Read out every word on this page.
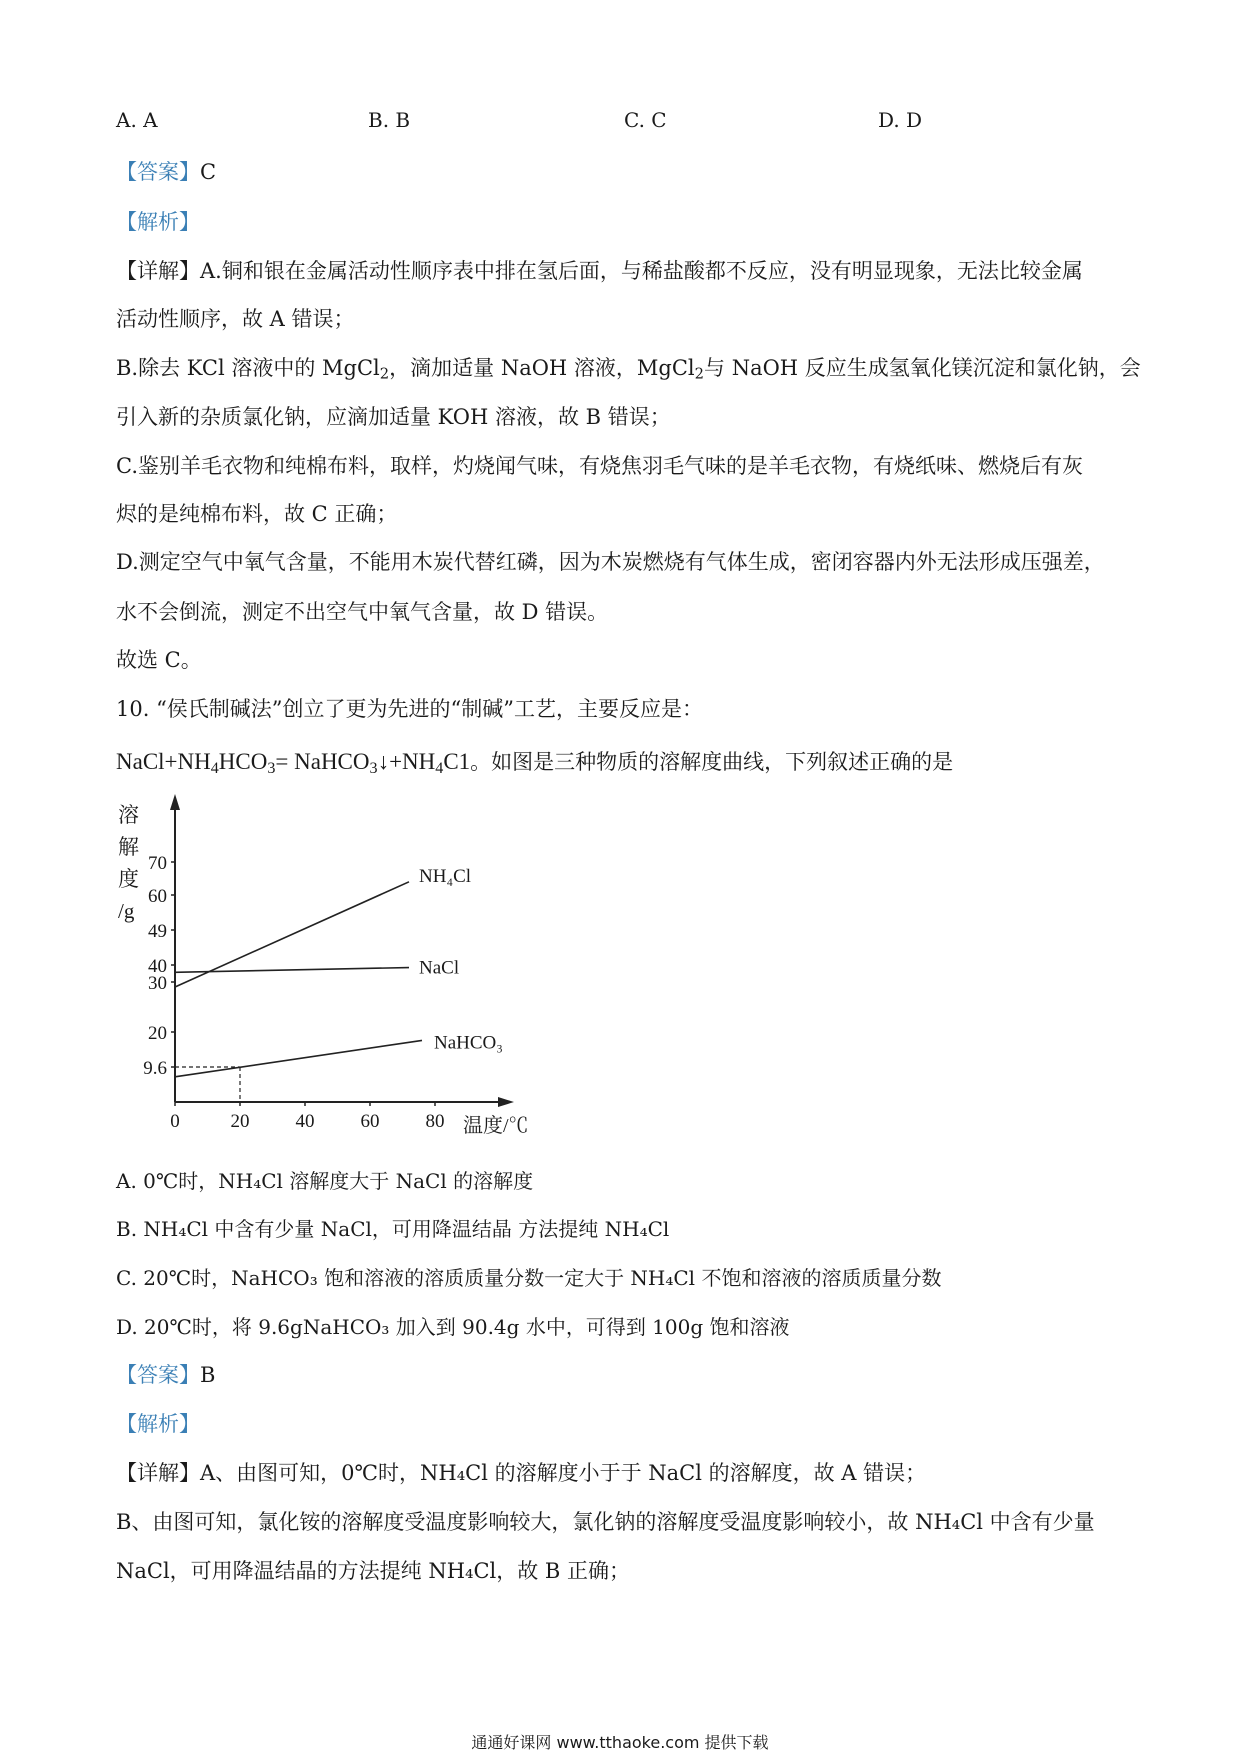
A. A	B. B	C. C	D. D
【答案】C
【解析】
【详解】A.铜和银在金属活动性顺序表中排在氢后面，与稀盐酸都不反应，没有明显现象，无法比较金属
活动性顺序，故 A 错误；
B.除去 KCl 溶液中的 MgCl$_2$，滴加适量 NaOH 溶液，MgCl$_2$与 NaOH 反应生成氢氧化镁沉淀和氯化钠，会
引入新的杂质氯化钠，应滴加适量 KOH 溶液，故 B 错误；
C.鉴别羊毛衣物和纯棉布料，取样，灼烧闻气味，有烧焦羽毛气味的是羊毛衣物，有烧纸味、燃烧后有灰
烬的是纯棉布料，故 C 正确；
D.测定空气中氧气含量，不能用木炭代替红磷，因为木炭燃烧有气体生成，密闭容器内外无法形成压强差，
水不会倒流，测定不出空气中氧气含量，故 D 错误。
故选 C。
10. “侯氏制碱法”创立了更为先进的“制碱”工艺，主要反应是：
$NaCl+NH_4HCO_3=$ $NaHCO_3↓+NH_4C1$。如图是三种物质的溶解度曲线，下列叙述正确的是
9.6
20
30
40
49
60
70
0	20 40 60 80
溶
解
度
/g
温度/℃
NH₄Cl
NaCl
NaHCO₃
A. 0℃时，NH₄Cl 溶解度大于 NaCl 的溶解度
B. NH₄Cl 中含有少量 NaCl，可用降温结晶 方法提纯 NH₄Cl
C. 20℃时，NaHCO₃ 饱和溶液的溶质质量分数一定大于 NH₄Cl 不饱和溶液的溶质质量分数
D. 20℃时，将 9.6gNaHCO₃ 加入到 90.4g 水中，可得到 100g 饱和溶液
【答案】B
【解析】
【详解】A、由图可知，0℃时，NH₄Cl 的溶解度小于于 NaCl 的溶解度，故 A 错误；
B、由图可知，氯化铵的溶解度受温度影响较大，氯化钠的溶解度受温度影响较小，故 NH₄Cl 中含有少量
NaCl，可用降温结晶的方法提纯 NH₄Cl，故 B 正确；
通通好课网 www.tthaoke.com 提供下载
